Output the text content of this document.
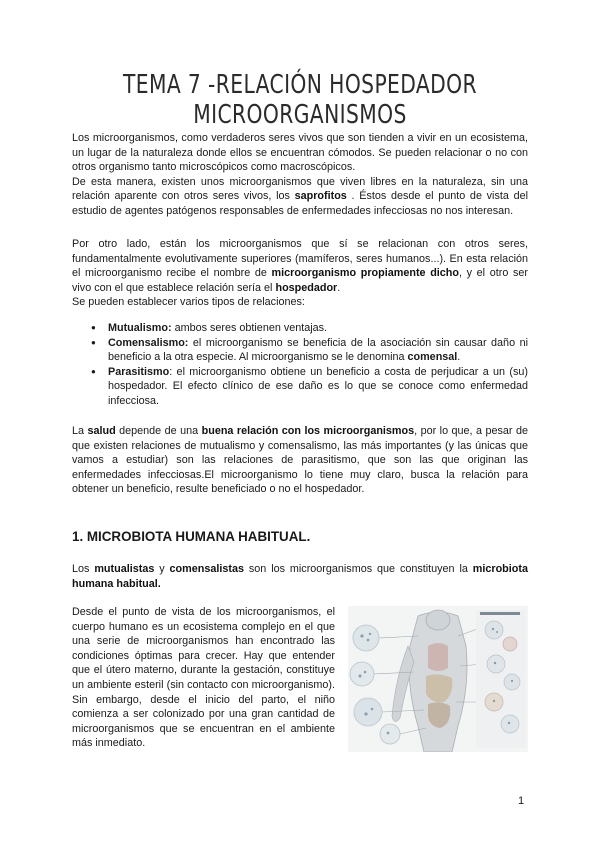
TEMA 7 -RELACIÓN HOSPEDADOR MICROORGANISMOS

Los microorganismos, como verdaderos seres vivos que son tienden a vivir en un ecosistema, un lugar de la naturaleza donde ellos se encuentran cómodos. Se pueden relacionar o no con otros organismo tanto microscópicos como macroscópicos.
De esta manera, existen unos microorganismos que viven libres en la naturaleza, sin una relación aparente con otros seres vivos, los saprofitos . Éstos desde el punto de vista del estudio de agentes patógenos responsables de enfermedades infecciosas no nos interesan.

Por otro lado, están los microorganismos que sí se relacionan con otros seres, fundamentalmente evolutivamente superiores (mamíferos, seres humanos...). En esta relación el microorganismo recibe el nombre de microorganismo propiamente dicho, y el otro ser vivo con el que establece relación sería el hospedador.
Se pueden establecer varios tipos de relaciones:

● Mutualismo: ambos seres obtienen ventajas.
● Comensalismo: el microorganismo se beneficia de la asociación sin causar daño ni beneficio a la otra especie. Al microorganismo se le denomina comensal.
● Parasitismo: el microorganismo obtiene un beneficio a costa de perjudicar a un (su) hospedador. El efecto clínico de ese daño es lo que se conoce como enfermedad infecciosa.

La salud depende de una buena relación con los microorganismos, por lo que, a pesar de que existen relaciones de mutualismo y comensalismo, las más importantes (y las únicas que vamos a estudiar) son las relaciones de parasitismo, que son las que originan las enfermedades infecciosas.El microorganismo lo tiene muy claro, busca la relación para obtener un beneficio, resulte beneficiado o no el hospedador.

1. MICROBIOTA HUMANA HABITUAL.

Los mutualistas y comensalistas son los microorganismos que constituyen la microbiota humana habitual.

Desde el punto de vista de los microorganismos, el cuerpo humano es un ecosistema complejo en el que una serie de microorganismos han encontrado las condiciones óptimas para crecer. Hay que entender que el útero materno, durante la gestación, constituye un ambiente esteril (sin contacto con microorganismo). Sin embargo, desde el inicio del parto, el niño comienza a ser colonizado por una gran cantidad de microorganismos que se encuentran en el ambiente más inmediato.

1
